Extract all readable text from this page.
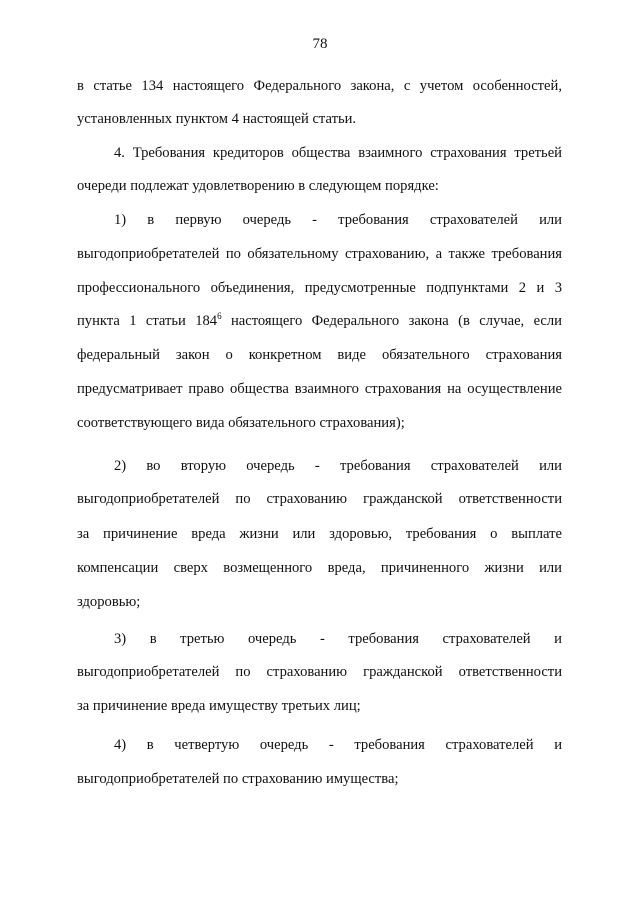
78
в статье 134 настоящего Федерального закона, с учетом особенностей,
установленных пунктом 4 настоящей статьи.
4. Требования кредиторов общества взаимного страхования третьей
очереди подлежат удовлетворению в следующем порядке:
1) в первую очередь - требования страхователей или
выгодоприобретателей по обязательному страхованию, а также требования
профессионального объединения, предусмотренные подпунктами 2 и 3
пункта 1 статьи $184^6$ настоящего Федерального закона (в случае, если
федеральный закон о конкретном виде обязательного страхования
предусматривает право общества взаимного страхования на осуществление
соответствующего вида обязательного страхования);
2) во вторую очередь - требования страхователей или
выгодоприобретателей по страхованию гражданской ответственности
за причинение вреда жизни или здоровью, требования о выплате
компенсации сверх возмещенного вреда, причиненного жизни или
здоровью;
3) в третью очередь - требования страхователей и
выгодоприобретателей по страхованию гражданской ответственности
за причинение вреда имуществу третьих лиц;
4) в четвертую очередь - требования страхователей и
выгодоприобретателей по страхованию имущества;
